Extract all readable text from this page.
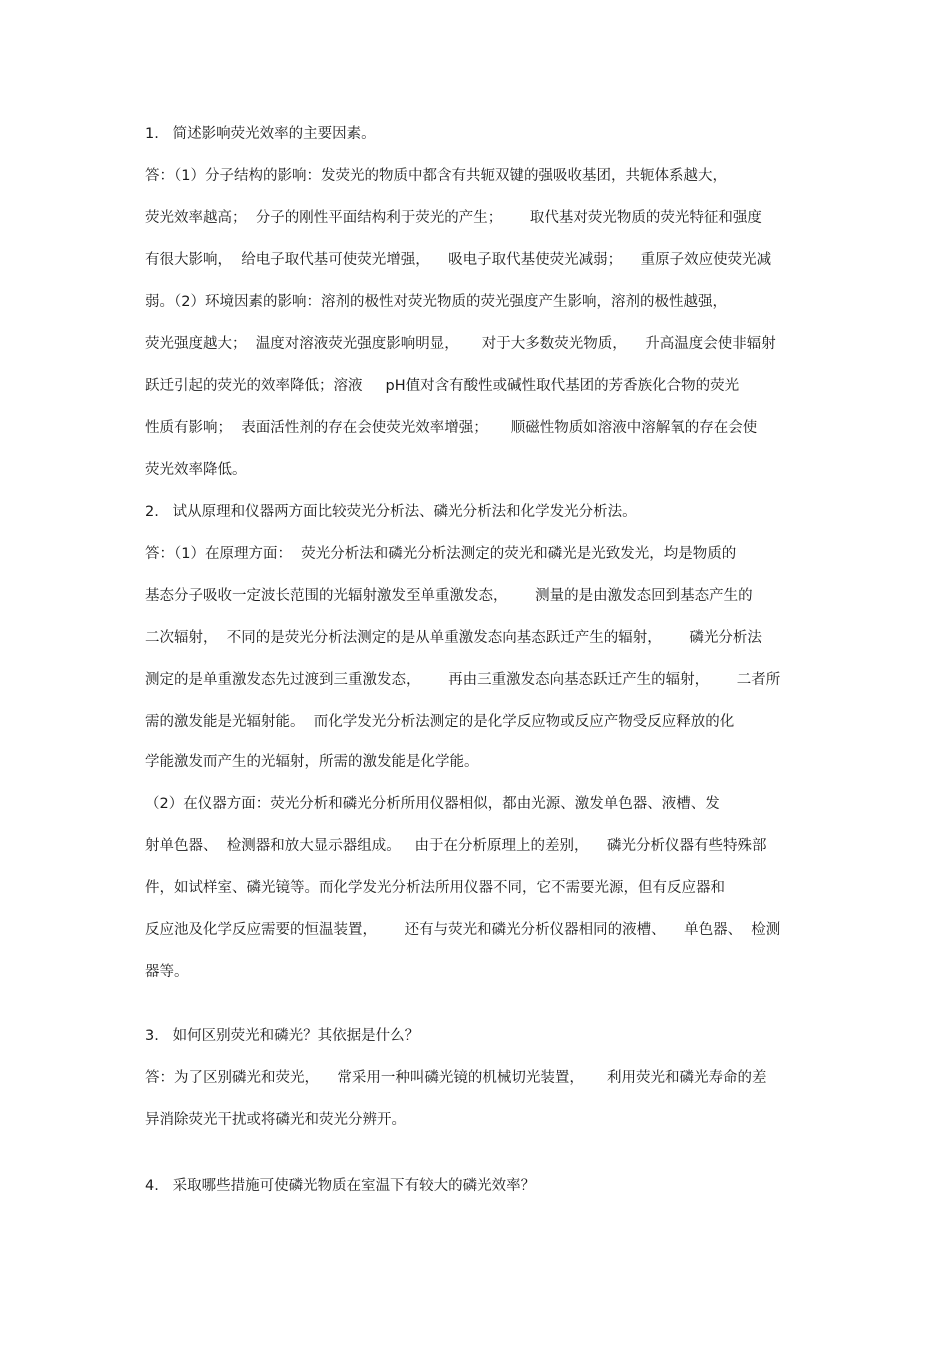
1.   简述影响荧光效率的主要因素。
答：（1）分子结构的影响：发荧光的物质中都含有共轭双键的强吸收基团，共轭体系越大，
荧光效率越高；  分子的刚性平面结构利于荧光的产生；      取代基对荧光物质的荧光特征和强度
有很大影响，  给电子取代基可使荧光增强，    吸电子取代基使荧光减弱；    重原子效应使荧光减
弱。（2）环境因素的影响：溶剂的极性对荧光物质的荧光强度产生影响，溶剂的极性越强，
荧光强度越大；  温度对溶液荧光强度影响明显，     对于大多数荧光物质，    升高温度会使非辐射
跃迁引起的荧光的效率降低；溶液     pH值对含有酸性或碱性取代基团的芳香族化合物的荧光
性质有影响；  表面活性剂的存在会使荧光效率增强；     顺磁性物质如溶液中溶解氧的存在会使
荧光效率降低。
2.   试从原理和仪器两方面比较荧光分析法、磷光分析法和化学发光分析法。
答：（1）在原理方面：  荧光分析法和磷光分析法测定的荧光和磷光是光致发光，均是物质的
基态分子吸收一定波长范围的光辐射激发至单重激发态，      测量的是由激发态回到基态产生的
二次辐射，  不同的是荧光分析法测定的是从单重激发态向基态跃迁产生的辐射，      磷光分析法
测定的是单重激发态先过渡到三重激发态，      再由三重激发态向基态跃迁产生的辐射，      二者所
需的激发能是光辐射能。  而化学发光分析法测定的是化学反应物或反应产物受反应释放的化
学能激发而产生的光辐射，所需的激发能是化学能。
（2）在仪器方面：荧光分析和磷光分析所用仪器相似，都由光源、激发单色器、液槽、发
射单色器、  检测器和放大显示器组成。   由于在分析原理上的差别，    磷光分析仪器有些特殊部
件，如试样室、磷光镜等。而化学发光分析法所用仪器不同，它不需要光源，但有反应器和
反应池及化学反应需要的恒温装置，      还有与荧光和磷光分析仪器相同的液槽、    单色器、  检测
器等。
3.   如何区别荧光和磷光？其依据是什么？
答：为了区别磷光和荧光，    常采用一种叫磷光镜的机械切光装置，     利用荧光和磷光寿命的差
异消除荧光干扰或将磷光和荧光分辨开。
4.   采取哪些措施可使磷光物质在室温下有较大的磷光效率？
